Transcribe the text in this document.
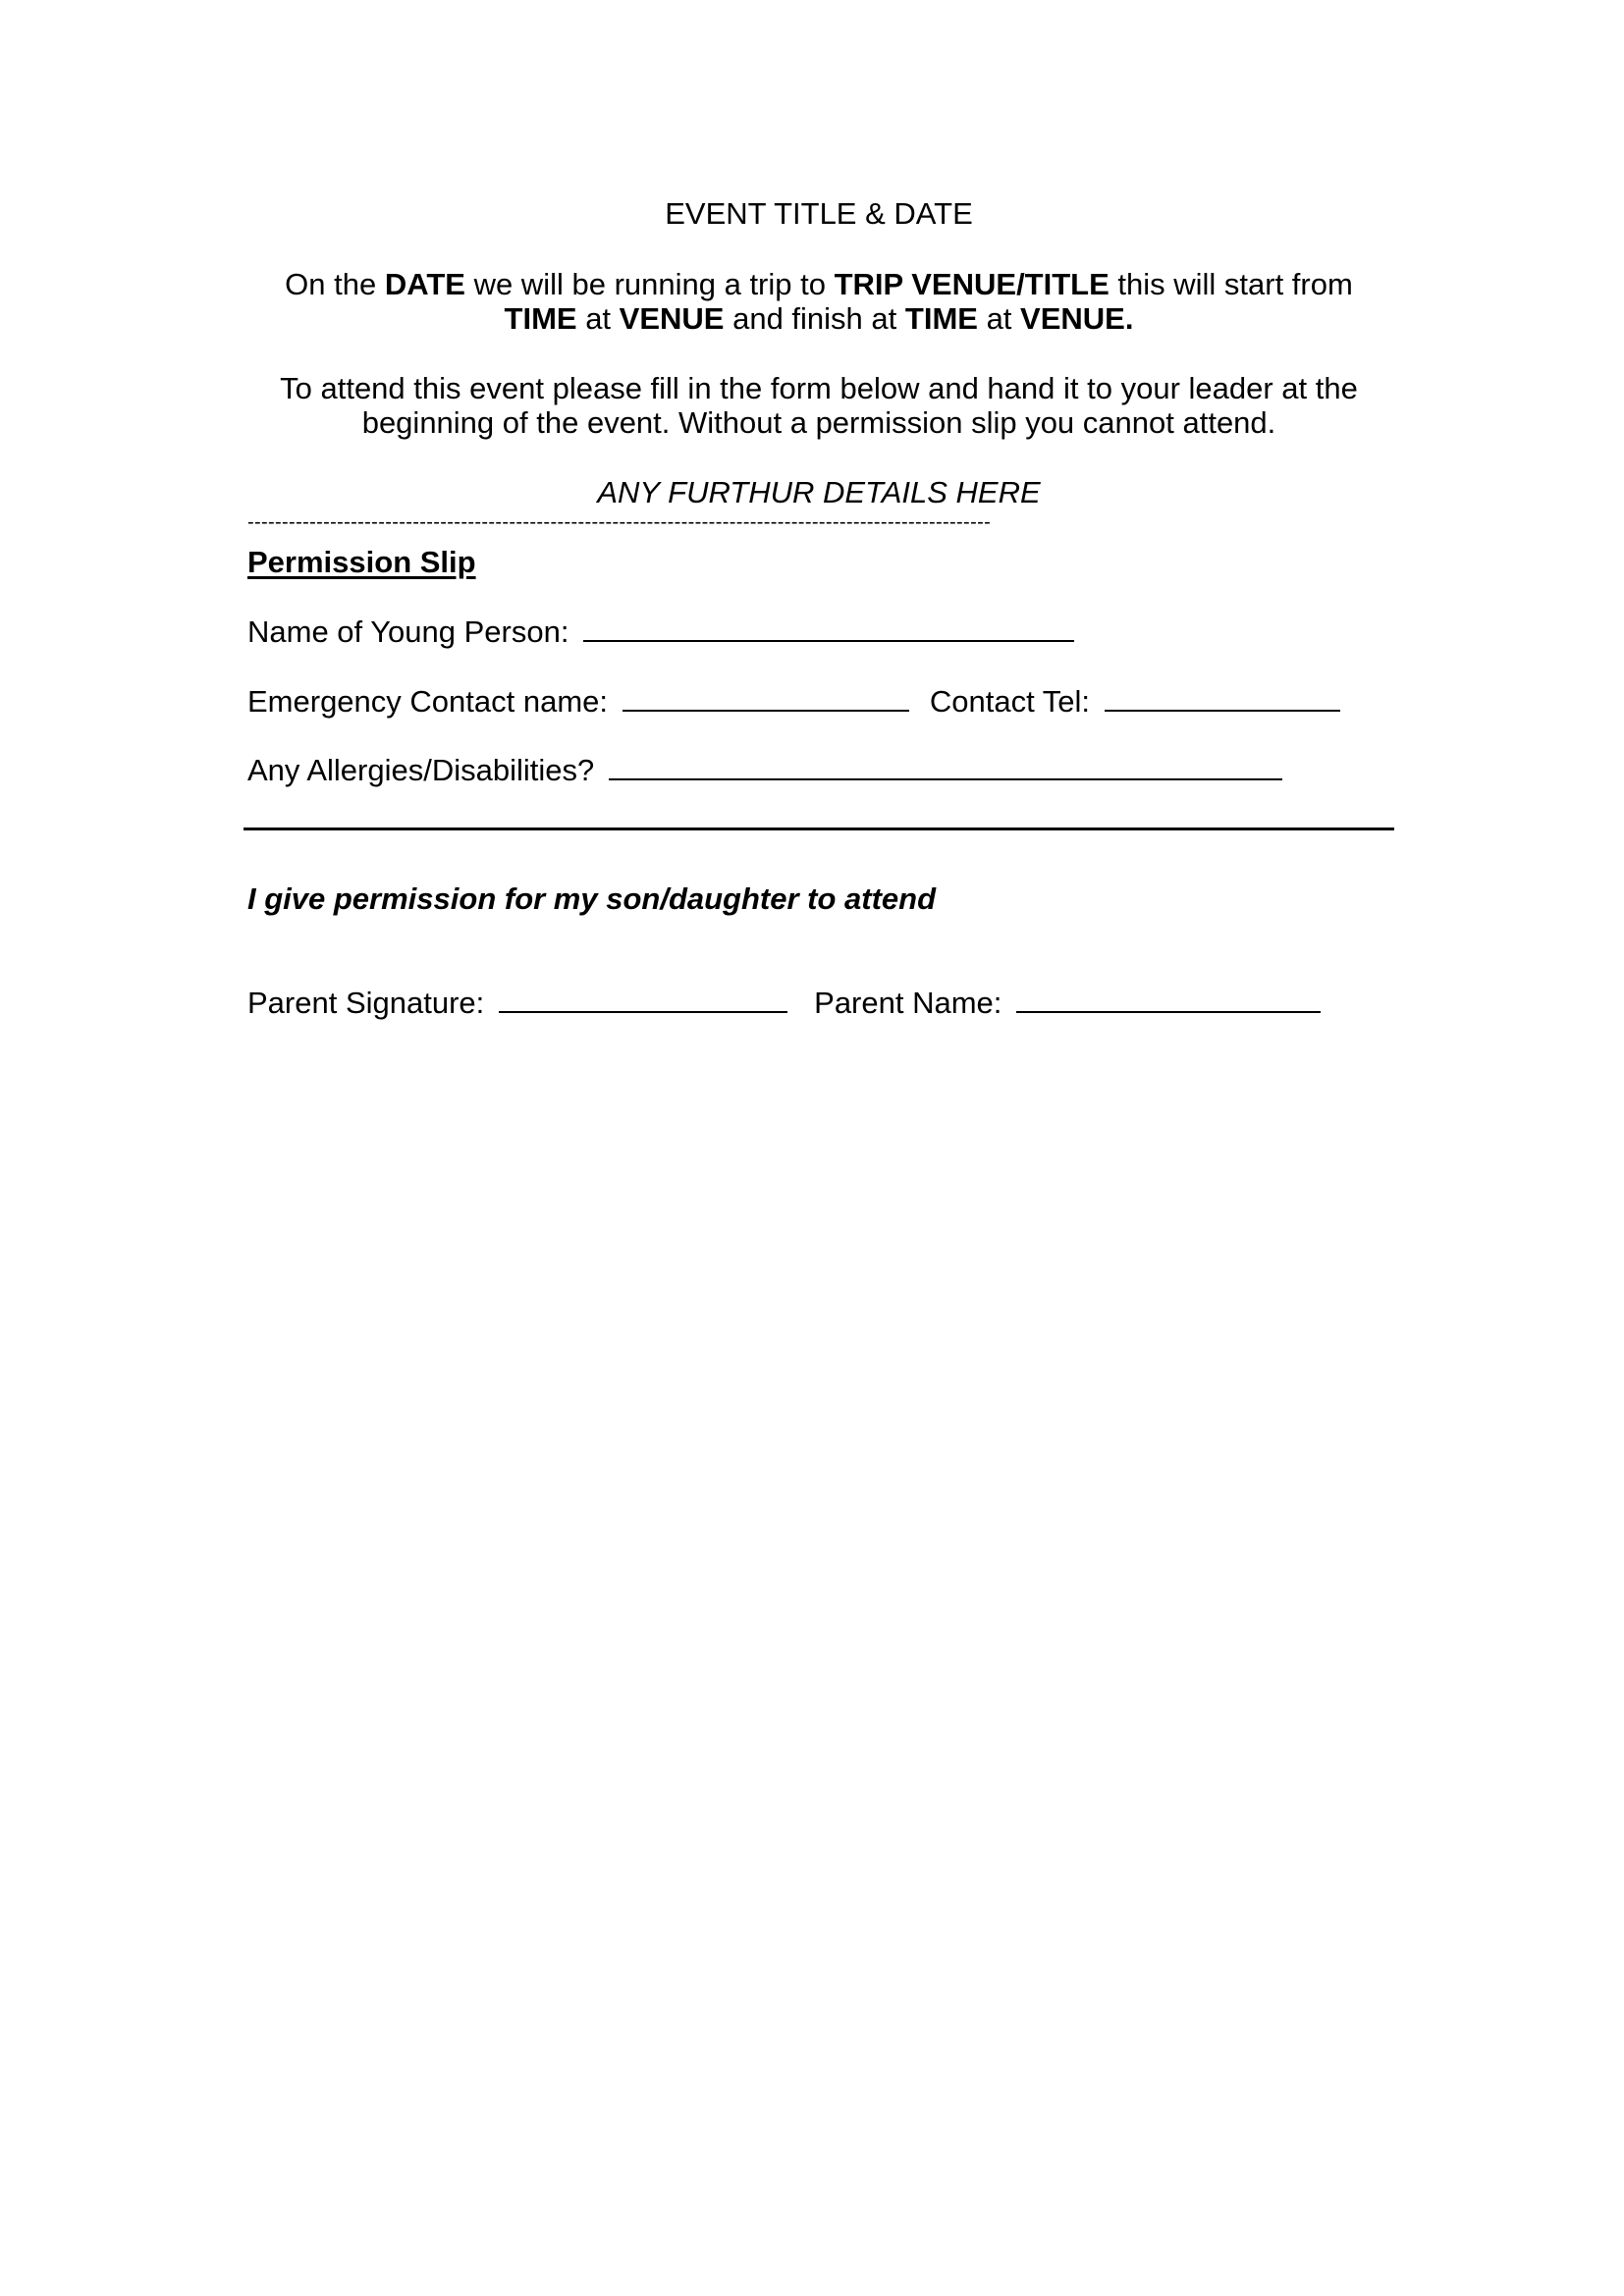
EVENT TITLE & DATE
On the DATE we will be running a trip to TRIP VENUE/TITLE this will start from
TIME at VENUE and finish at TIME at VENUE.
To attend this event please fill in the form below and hand it to your leader at the
beginning of the event. Without a permission slip you cannot attend.
ANY FURTHUR DETAILS HERE
------------------------------------------------------------------------------------------------------------
Permission Slip
Name of Young Person:
Emergency Contact name:	Contact Tel:
Any Allergies/Disabilities?
I give permission for my son/daughter to attend
Parent Signature:	Parent Name:
